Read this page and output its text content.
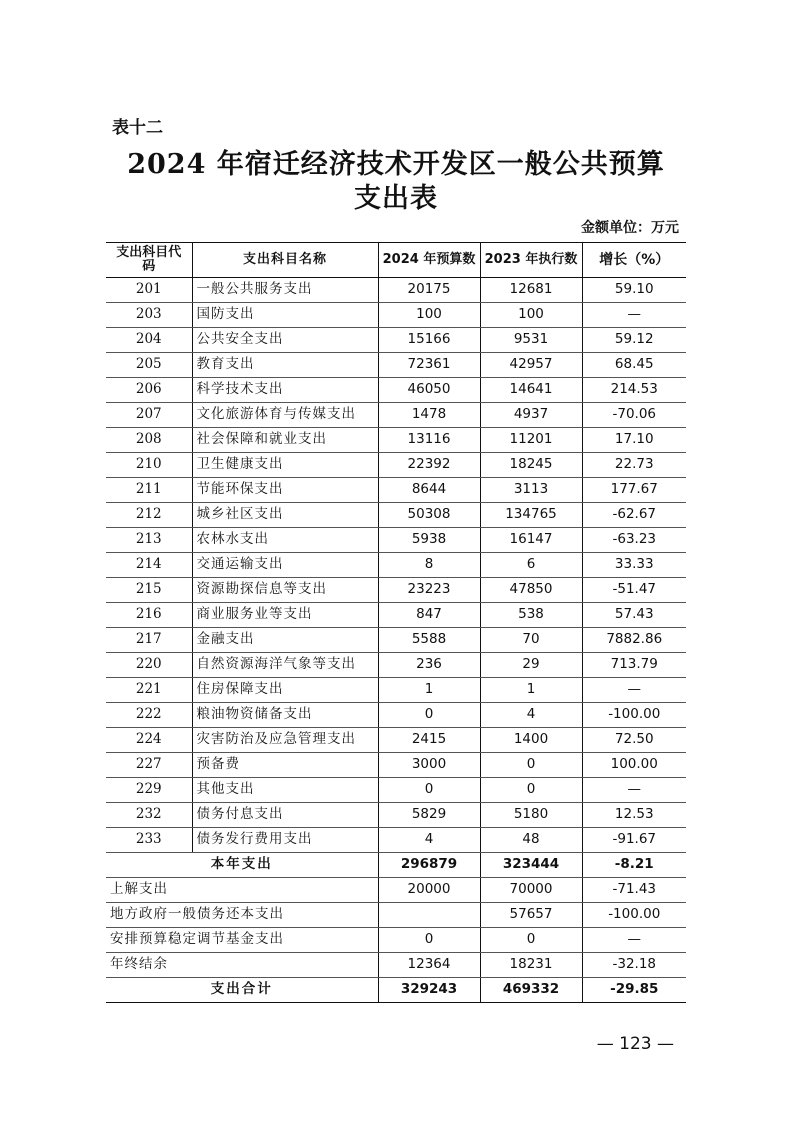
表十二
2024 年宿迁经济技术开发区一般公共预算
支出表
金额单位：万元
支出科目代码	支出科目名称	2024 年预算数	2023 年执行数	增长（%）
201	一般公共服务支出	20175	12681	59.10
203	国防支出	100	100	—
204	公共安全支出	15166	9531	59.12
205	教育支出	72361	42957	68.45
206	科学技术支出	46050	14641	214.53
207	文化旅游体育与传媒支出	1478	4937	-70.06
208	社会保障和就业支出	13116	11201	17.10
210	卫生健康支出	22392	18245	22.73
211	节能环保支出	8644	3113	177.67
212	城乡社区支出	50308	134765	-62.67
213	农林水支出	5938	16147	-63.23
214	交通运输支出	8	6	33.33
215	资源勘探信息等支出	23223	47850	-51.47
216	商业服务业等支出	847	538	57.43
217	金融支出	5588	70	7882.86
220	自然资源海洋气象等支出	236	29	713.79
221	住房保障支出	1	1	—
222	粮油物资储备支出	0	4	-100.00
224	灾害防治及应急管理支出	2415	1400	72.50
227	预备费	3000	0	100.00
229	其他支出	0	0	—
232	债务付息支出	5829	5180	12.53
233	债务发行费用支出	4	48	-91.67
本年支出		296879	323444	-8.21
上解支出		20000	70000	-71.43
地方政府一般债务还本支出			57657	-100.00
安排预算稳定调节基金支出		0	0	—
年终结余		12364	18231	-32.18
支出合计		329243	469332	-29.85
— 123 —
